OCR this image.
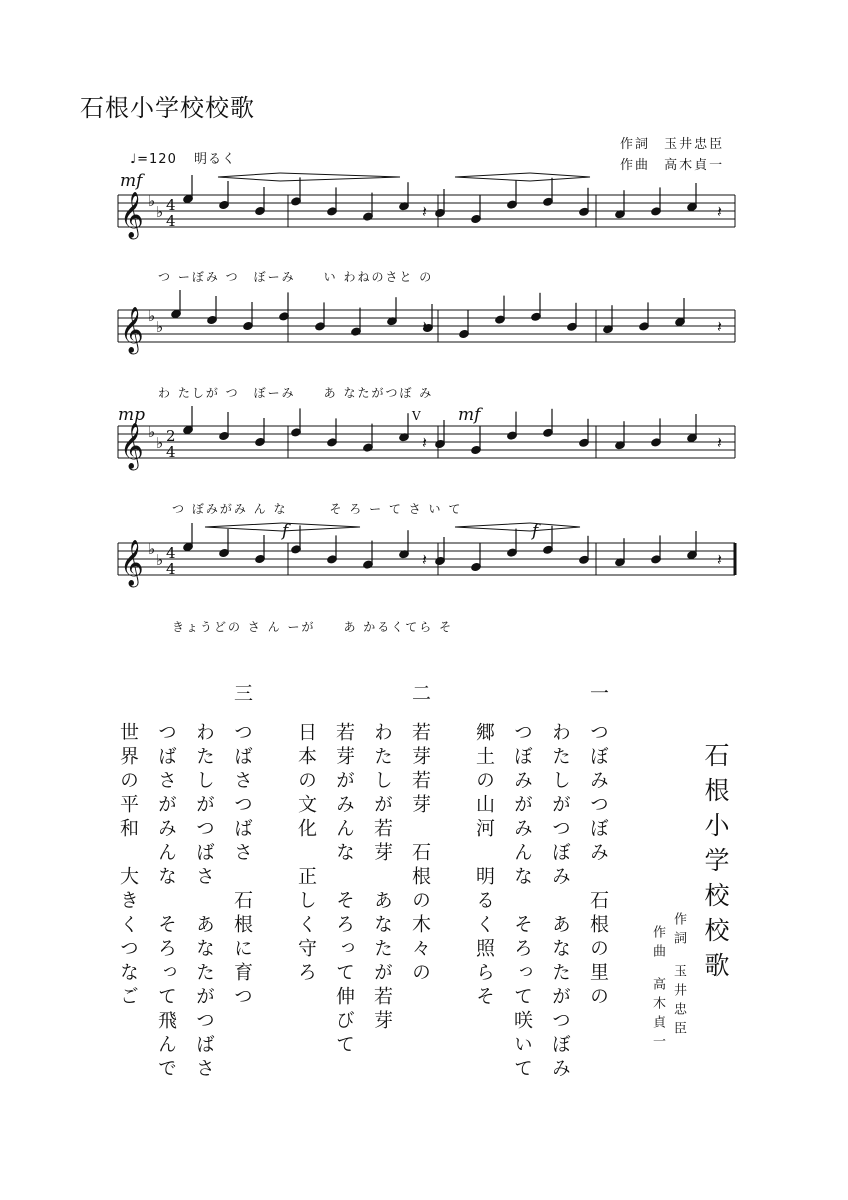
石根小学校校歌
作詞 玉井忠臣
作曲 高木貞一
♩=120 明るく
𝄞 ♭
♭ 4
4	𝄽	𝄽
𝄞 ♭
♭	𝄽	𝄽
𝄞 ♭
♭ 2
4	𝄽	𝄽
𝄞 ♭
♭ 4
4	𝄽	𝄽
mf
mp	mf
f	f
V
つ ーぼみ つ　ぼーみ　　い わねのさと の
わ たしが つ　ぼーみ　　あ なたがつぼ み
つ ぼみがみ ん な　　　そ ろ ー て さ い て
きょうどの さ ん ーが　　あ かるくてら そ
石根小学校校歌
作詞玉井忠臣
作曲高木貞一
一
つぼみつぼみ　石根の里の
わたしがつぼみ　あなたがつぼみ
つぼみがみんな　そろって咲いて
郷土の山河　明るく照らそ
二
若芽若芽　石根の木々の
わたしが若芽　あなたが若芽
若芽がみんな　そろって伸びて
日本の文化　正しく守ろ
三
つばさつばさ　石根に育つ
わたしがつばさ　あなたがつばさ
つばさがみんな　そろって飛んで
世界の平和　大きくつなご
